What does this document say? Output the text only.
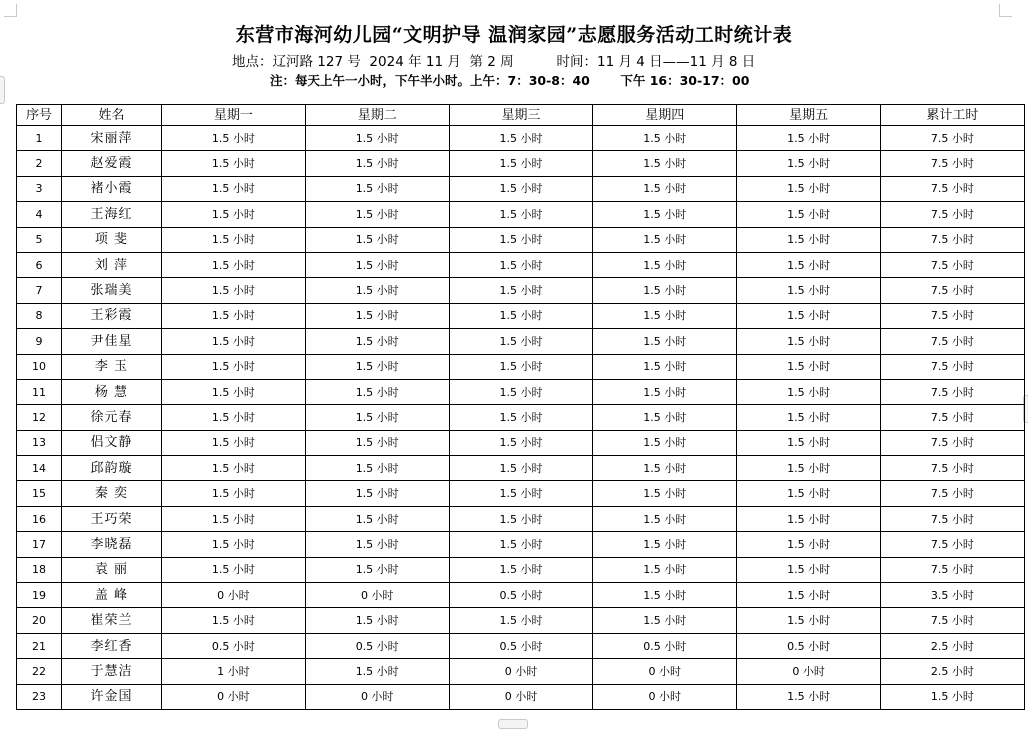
东营市海河幼儿园“文明护导 温润家园”志愿服务活动工时统计表
地点：辽河路 127 号  2024 年 11 月  第 2 周          时间：11 月 4 日——11 月 8 日
注：每天上午一小时，下午半小时。上午：7：30-8：40       下午 16：30-17：00
序号	姓名	星期一	星期二	星期三	星期四	星期五	累计工时
1	宋丽萍	1.5 小时	1.5 小时	1.5 小时	1.5 小时	1.5 小时	7.5 小时
2	赵爱霞	1.5 小时	1.5 小时	1.5 小时	1.5 小时	1.5 小时	7.5 小时
3	褚小霞	1.5 小时	1.5 小时	1.5 小时	1.5 小时	1.5 小时	7.5 小时
4	王海红	1.5 小时	1.5 小时	1.5 小时	1.5 小时	1.5 小时	7.5 小时
5	项 斐	1.5 小时	1.5 小时	1.5 小时	1.5 小时	1.5 小时	7.5 小时
6	刘 萍	1.5 小时	1.5 小时	1.5 小时	1.5 小时	1.5 小时	7.5 小时
7	张瑞美	1.5 小时	1.5 小时	1.5 小时	1.5 小时	1.5 小时	7.5 小时
8	王彩霞	1.5 小时	1.5 小时	1.5 小时	1.5 小时	1.5 小时	7.5 小时
9	尹佳星	1.5 小时	1.5 小时	1.5 小时	1.5 小时	1.5 小时	7.5 小时
10	李 玉	1.5 小时	1.5 小时	1.5 小时	1.5 小时	1.5 小时	7.5 小时
11	杨 慧	1.5 小时	1.5 小时	1.5 小时	1.5 小时	1.5 小时	7.5 小时
12	徐元春	1.5 小时	1.5 小时	1.5 小时	1.5 小时	1.5 小时	7.5 小时
13	侣文静	1.5 小时	1.5 小时	1.5 小时	1.5 小时	1.5 小时	7.5 小时
14	邱韵璇	1.5 小时	1.5 小时	1.5 小时	1.5 小时	1.5 小时	7.5 小时
15	秦 奕	1.5 小时	1.5 小时	1.5 小时	1.5 小时	1.5 小时	7.5 小时
16	王巧荣	1.5 小时	1.5 小时	1.5 小时	1.5 小时	1.5 小时	7.5 小时
17	李晓磊	1.5 小时	1.5 小时	1.5 小时	1.5 小时	1.5 小时	7.5 小时
18	袁 丽	1.5 小时	1.5 小时	1.5 小时	1.5 小时	1.5 小时	7.5 小时
19	盖 峰	0 小时	0 小时	0.5 小时	1.5 小时	1.5 小时	3.5 小时
20	崔荣兰	1.5 小时	1.5 小时	1.5 小时	1.5 小时	1.5 小时	7.5 小时
21	李红香	0.5 小时	0.5 小时	0.5 小时	0.5 小时	0.5 小时	2.5 小时
22	于慧洁	1 小时	1.5 小时	0 小时	0 小时	0 小时	2.5 小时
23	许金国	0 小时	0 小时	0 小时	0 小时	1.5 小时	1.5 小时
